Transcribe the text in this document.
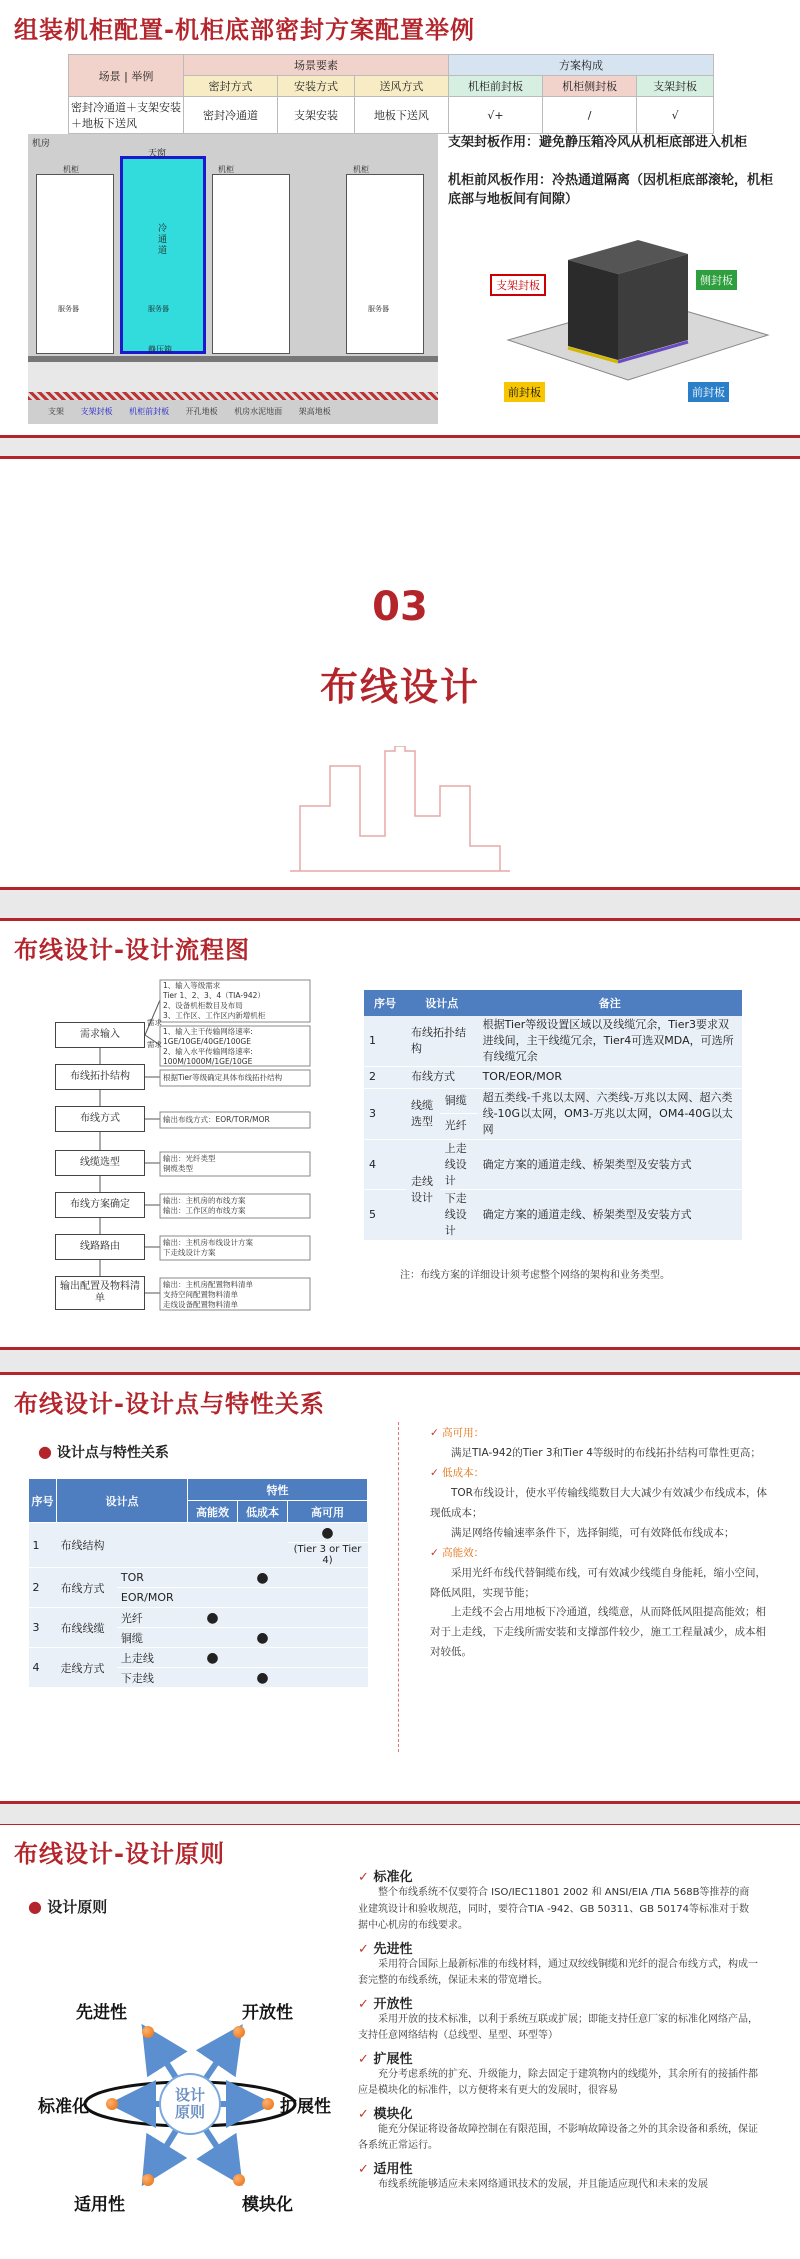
组装机柜配置-机柜底部密封方案配置举例
场景 | 举例	场景要素			方案构成		
	密封方式	安装方式	送风方式	机柜前封板	机柜侧封板	支架封板
密封冷通道＋支架安装＋地板下送风	密封冷通道	支架安装	地板下送风	√+	/	√
机房
天窗
冷通道
机柜	机柜	机柜
服务器	服务器	服务器
静压箱
支架 支架封板 机柜前封板 开孔地板 机房水泥地面 架高地板
支架封板作用：避免静压箱冷风从机柜底部进入机柜
机柜前风板作用：冷热通道隔离（因机柜底部滚轮，机柜底部与地板间有间隙）
支架封板	侧封板
前封板	前封板
03
布线设计
布线设计-设计流程图
需求输入
布线拓扑结构
布线方式
线缆选型
布线方案确定
线路路由
输出配置及物料清单
需求
需求
1、输入等级需求
Tier 1、2、3、4（TIA-942）
2、设备机柜数目及布局
3、工作区、工作区内新增机柜
1、输入主干传输网络速率:
1GE/10GE/40GE/100GE
2、输入水平传输网络速率:
100M/1000M/1GE/10GE
根据Tier等级确定具体布线拓扑结构
输出布线方式：EOR/TOR/MOR
输出：光纤类型
铜缆类型
输出：主机房的布线方案
输出：工作区的布线方案
输出：主机房布线设计方案
下走线设计方案
输出：主机房配置物料清单
支持空间配置物料清单
走线设备配置物料清单
序号	设计点		备注
1	布线拓扑结构		根据Tier等级设置区域以及线缆冗余，Tier3要求双进线间，主干线缆冗余，Tier4可选双MDA，可选所有线缆冗余
2	布线方式		TOR/EOR/MOR
3	线缆选型	铜缆	超五类线-千兆以太网、六类线-万兆以太网、超六类线-10G以太网，OM3-万兆以太网，OM4-40G以太网
		光纤	
4	走线设计	上走线设计	确定方案的通道走线、桥架类型及安装方式
5		下走线设计	确定方案的通道走线、桥架类型及安装方式
注：布线方案的详细设计须考虑整个网络的架构和业务类型。
布线设计-设计点与特性关系
● 设计点与特性关系
序号	设计点		特性		
			高能效	低成本	高可用
1	布线结构				●
					(Tier 3 or Tier 4)
2	布线方式	TOR		●	
		EOR/MOR			
3	布线线缆	光纤	●		
		铜缆		●	
4	走线方式	上走线	●		
		下走线		●	
✓ 高可用：
满足TIA-942的Tier 3和Tier 4等级时的布线拓扑结构可靠性更高；
✓ 低成本：
TOR布线设计，使水平传输线缆数目大大减少有效减少布线成本，体现低成本；
满足网络传输速率条件下，选择铜缆，可有效降低布线成本；
✓ 高能效：
采用光纤布线代替铜缆布线，可有效减少线缆自身能耗，缩小空间，降低风阻，实现节能；
上走线不会占用地板下冷通道，线缆意，从而降低风阻提高能效；相对于上走线，下走线所需安装和支撑部件较少，施工工程量减少，成本相对较低。
布线设计-设计原则
● 设计原则
设计原则
先进性	开放性
标准化	扩展性
适用性	模块化
✓ 标准化
整个布线系统不仅要符合 ISO/IEC11801 2002 和 ANSI/EIA /TIA 568B等推荐的商业建筑设计和验收规范，同时，要符合TIA -942、GB 50311、GB 50174等标准对于数据中心机房的布线要求。
✓ 先进性
采用符合国际上最新标准的布线材料，通过双绞线铜缆和光纤的混合布线方式，构成一套完整的布线系统，保证未来的带宽增长。
✓ 开放性
采用开放的技术标准，以利于系统互联或扩展；即能支持任意厂家的标准化网络产品，支持任意网络结构（总线型、星型、环型等）
✓ 扩展性
充分考虑系统的扩充、升级能力，除去固定于建筑物内的线缆外，其余所有的接插件都应是模块化的标准件，以方便将来有更大的发展时，很容易
✓ 模块化
能充分保证将设备故障控制在有限范围，不影响故障设备之外的其余设备和系统，保证各系统正常运行。
✓ 适用性
布线系统能够适应未来网络通讯技术的发展，并且能适应现代和未来的发展
